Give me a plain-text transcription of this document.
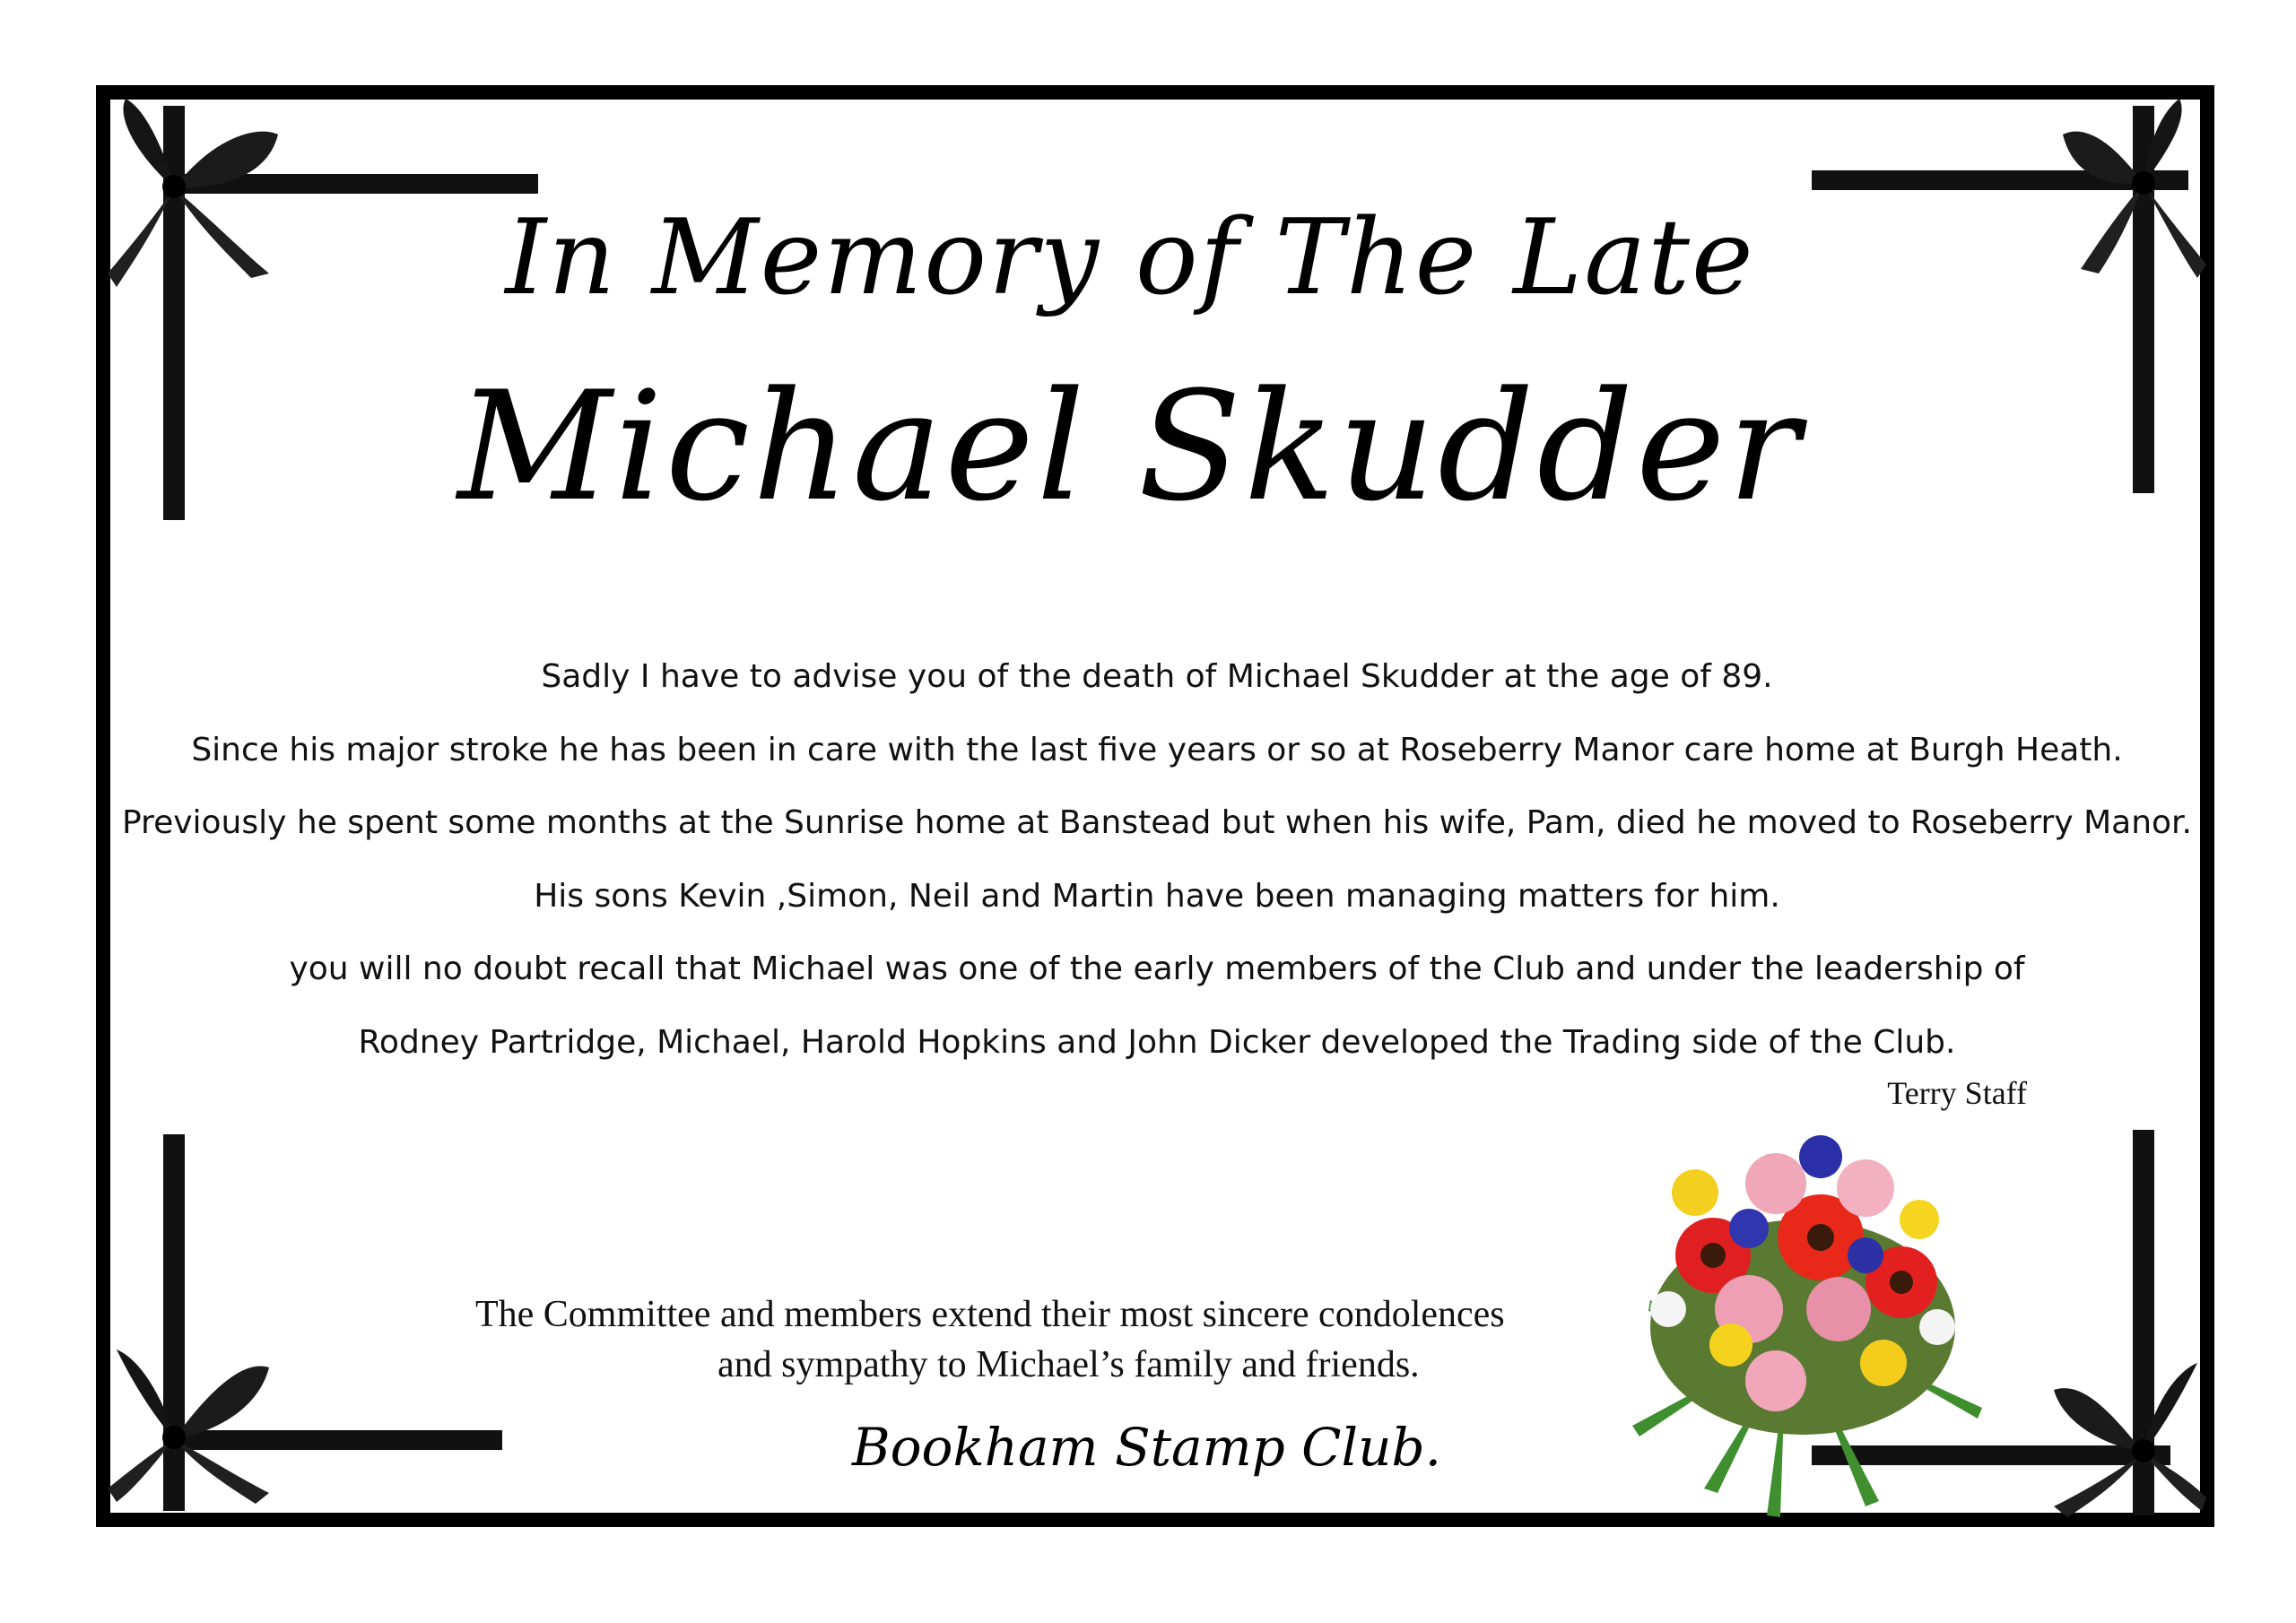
In Memory of The Late
Michael Skudder

Sadly I have to advise you of the death of Michael Skudder at the age of 89.

Since his major stroke he has been in care with the last five years or so at Roseberry Manor care home at Burgh Heath.

Previously he spent some months at the Sunrise home at Banstead but when his wife, Pam, died he moved to Roseberry Manor.

His sons Kevin ,Simon, Neil and Martin have been managing matters for him.

you will no doubt recall that Michael was one of the early members of the Club and under the leadership of

Rodney Partridge, Michael, Harold Hopkins and John Dicker developed the Trading side of the Club.

Terry Staff
The Committee and members extend their most sincere condolences
and sympathy to Michael’s family and friends.
Bookham Stamp Club.
